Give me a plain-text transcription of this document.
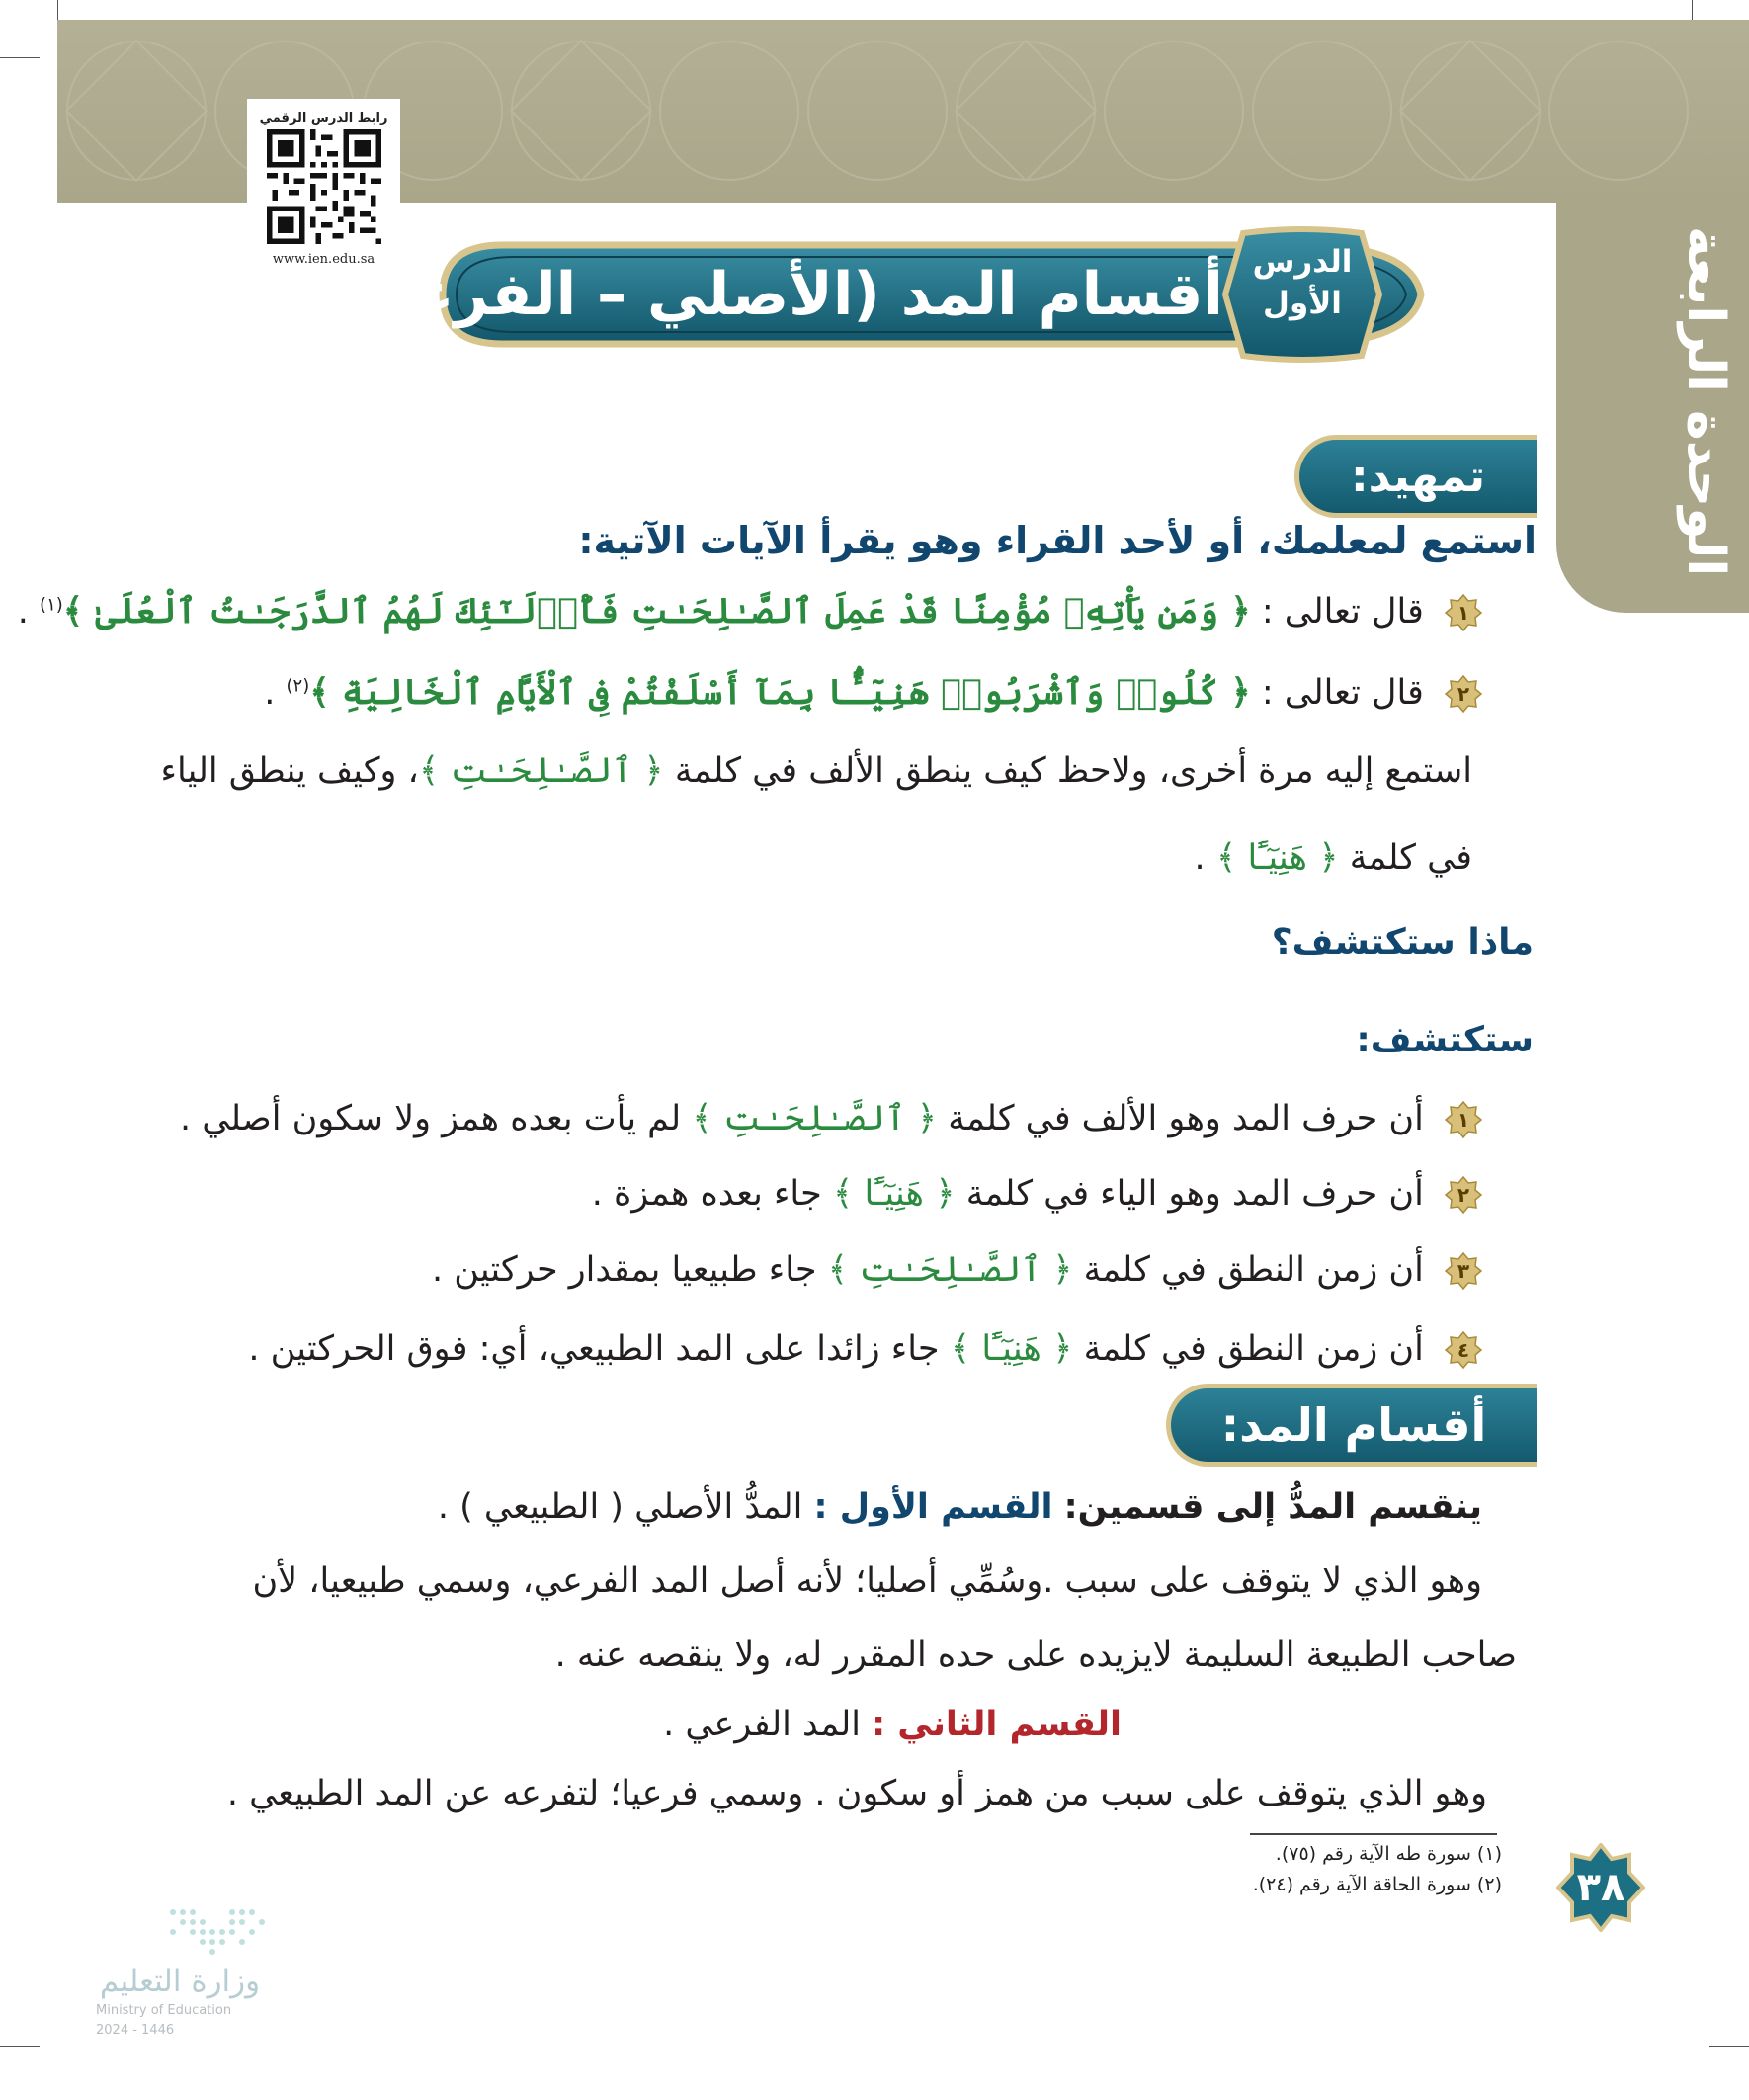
الوحدة الرابعة
رابط الدرس الرقمي
www.ien.edu.sa
أقسام المد (الأصلي – الفرعي) الدرس
الأول
تمهيد:
استمع لمعلمك، أو لأحد القراء وهو يقرأ الآيات الآتية:
١
قال تعالى : ﴿ وَمَن يَأْتِهِۦ مُؤْمِنًا قَدْ عَمِلَ ٱلصَّـٰلِحَـٰتِ فَأُو۟لَـٰٓئِكَ لَهُمُ ٱلدَّرَجَـٰتُ ٱلْعُلَىٰ ﴾$^{(١)}$ .
٢
قال تعالى : ﴿ كُلُوا۟ وَٱشْرَبُوا۟ هَنِيٓـًٔۢا بِمَآ أَسْلَفْتُمْ فِى ٱلْأَيَّامِ ٱلْخَالِيَةِ ﴾$^{(٢)}$ .
استمع إليه مرة أخرى، ولاحظ كيف ينطق الألف في كلمة ﴿ ٱلصَّـٰلِحَـٰتِ ﴾، وكيف ينطق الياء
في كلمة ﴿ هَنِيٓـًٔا ﴾ .
ماذا ستكتشف؟
ستكتشف:
١
أن حرف المد وهو الألف في كلمة ﴿ ٱلصَّـٰلِحَـٰتِ ﴾ لم يأت بعده همز ولا سكون أصلي .
٢
أن حرف المد وهو الياء في كلمة ﴿ هَنِيٓـًٔا ﴾ جاء بعده همزة .
٣
أن زمن النطق في كلمة ﴿ ٱلصَّـٰلِحَـٰتِ ﴾ جاء طبيعيا بمقدار حركتين .
٤
أن زمن النطق في كلمة ﴿ هَنِيٓـًٔا ﴾ جاء زائدا على المد الطبيعي، أي: فوق الحركتين .
أقسام المد:
ينقسم المدُّ إلى قسمين: القسم الأول : المدُّ الأصلي ( الطبيعي ) .
وهو الذي لا يتوقف على سبب .وسُمِّي أصليا؛ لأنه أصل المد الفرعي، وسمي طبيعيا، لأن
صاحب الطبيعة السليمة لايزيده على حده المقرر له، ولا ينقصه عنه .
القسم الثاني : المد الفرعي .
وهو الذي يتوقف على سبب من همز أو سكون . وسمي فرعيا؛ لتفرعه عن المد الطبيعي .
(١) سورة طه الآية رقم (٧٥).
(٢) سورة الحاقة الآية رقم (٢٤).	٣٨
وزارة التعليم
Ministry of Education
2024 - 1446
